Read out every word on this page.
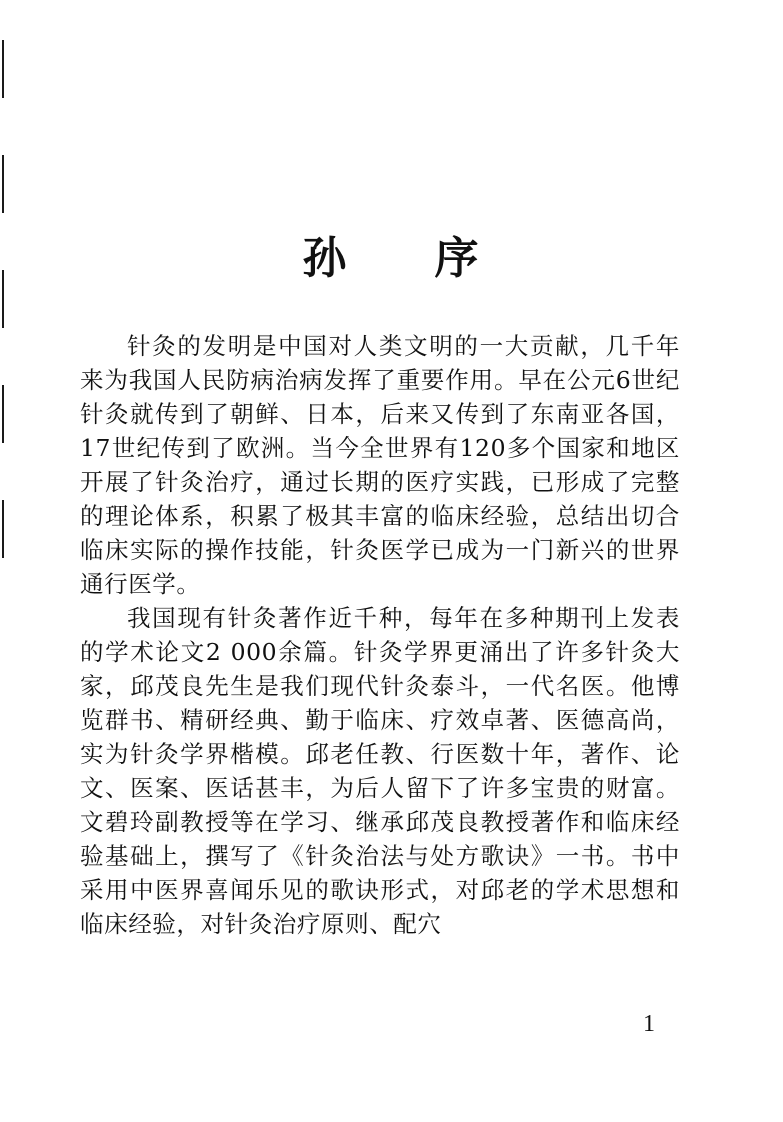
孙 序

针灸的发明是中国对人类文明的一大贡献，几千年来为我国人民防病治病发挥了重要作用。早在公元6世纪针灸就传到了朝鲜、日本，后来又传到了东南亚各国，17世纪传到了欧洲。当今全世界有120多个国家和地区开展了针灸治疗，通过长期的医疗实践，已形成了完整的理论体系，积累了极其丰富的临床经验，总结出切合临床实际的操作技能，针灸医学已成为一门新兴的世界通行医学。

我国现有针灸著作近千种，每年在多种期刊上发表的学术论文2 000余篇。针灸学界更涌出了许多针灸大家，邱茂良先生是我们现代针灸泰斗，一代名医。他博览群书、精研经典、勤于临床、疗效卓著、医德高尚，实为针灸学界楷模。邱老任教、行医数十年，著作、论文、医案、医话甚丰，为后人留下了许多宝贵的财富。文碧玲副教授等在学习、继承邱茂良教授著作和临床经验基础上，撰写了《针灸治法与处方歌诀》一书。书中采用中医界喜闻乐见的歌诀形式，对邱老的学术思想和临床经验，对针灸治疗原则、配穴

1
